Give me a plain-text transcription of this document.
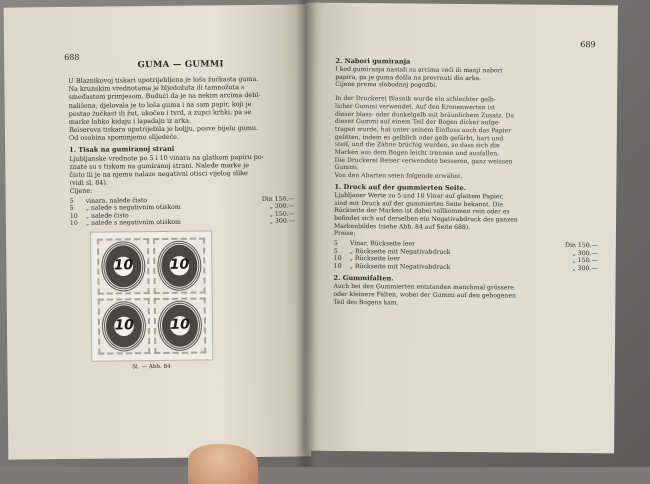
688
GUMA — GUMMI

U Blaznikovoj tiskari upotrijebljena je loša žućkasta guma.

Na krunskim vrednotama je bljedožuta ili tamnožuta s

smeđastom primjesom. Budući da je na nekim arcima debl-

nališena, djelovala je to loša guma i na sam papir, koji je

postao žućkast ili žut, ukočen i tvrd, a zupci krhki; pa se

marke lahko kidaju i lapadaju iz arka.

Reiserova tiskara upotrijebila je boljju, posve bijelu gumu.

Od osobina spominjemo slijedeće.

1. Tisak na gumiranoj strani

Ljubljanske vrednote po 5 i 10 vinara na glatkom papiru po-

znate su s tiskom na gumiranoj strani. Naleđe marke je

čisto ili je na njemu nalaze negativni otisci vijelog slike

(vidi sl. 84).

Cijene:

5	vinara, naleđe čisto	Din 150.—
5	„ naleđe s negativnim otiskom	„ 300.—
10	„ naleđe čisto	„ 150.—
10	„ naleđe s negativnim otiskom	„ 300.—
10	10
10	10
Sl. — Abb. 84
689
2. Nabori gumiranja

I kod gumiranja nastali su arcima veći ili manji nabori

papira, pa je guma došla na prevrnuti dio arka.

Cijene prema slobodnoj pogodbi.

In der Druckerei Blasnik wurde ein schlechter gelb-

licher Gummi verwendet. Auf den Kronenwerten ist

dieser blass- oder dunkelgelb mit bräunlichem Zusatz. Da

dieser Gummi auf einem Teil der Bogen dicker aufge-

tragen wurde, hat unter seinem Einfluss auch das Papier

gelitten, indem es gelblich oder gelb gefärbt, hart und

steif, und die Zähne brüchig wurden, so dass sich die

Marken aus dem Bogen leicht trennen und ausfallen.

Die Druckerei Reiser verwendete besseren, ganz weissen

Gummi.

Von den Abarten seien folgende erwähnt.

1. Druck auf der gummierten Seite.

Ljubljaner Werte zu 5 und 10 Vinar auf glattem Papier,

sind mit Druck auf der gummierten Seite bekannt. Die

Rückseite der Marken ist dabei vollkommen rein oder es

befindet sich auf derselben ein Negativabdruck des ganzen

Markenbildes (siehe Abb. 84 auf Seite 688).

Preise:

5	Vinar, Rückseite leer	Din 150.—
5	„ Rückseite mit Negativabdruck	„ 300.—
10	„ Rückseite leer	„ 150.—
10	„ Rückseite mit Negativabdruck	„ 300.—
2. Gummifalten.

Auch bei den Gummierten entstanden manchmal grössere

oder kleinere Falten, wobei der Gummi auf den gebogenen

Teil des Bogens kam.
